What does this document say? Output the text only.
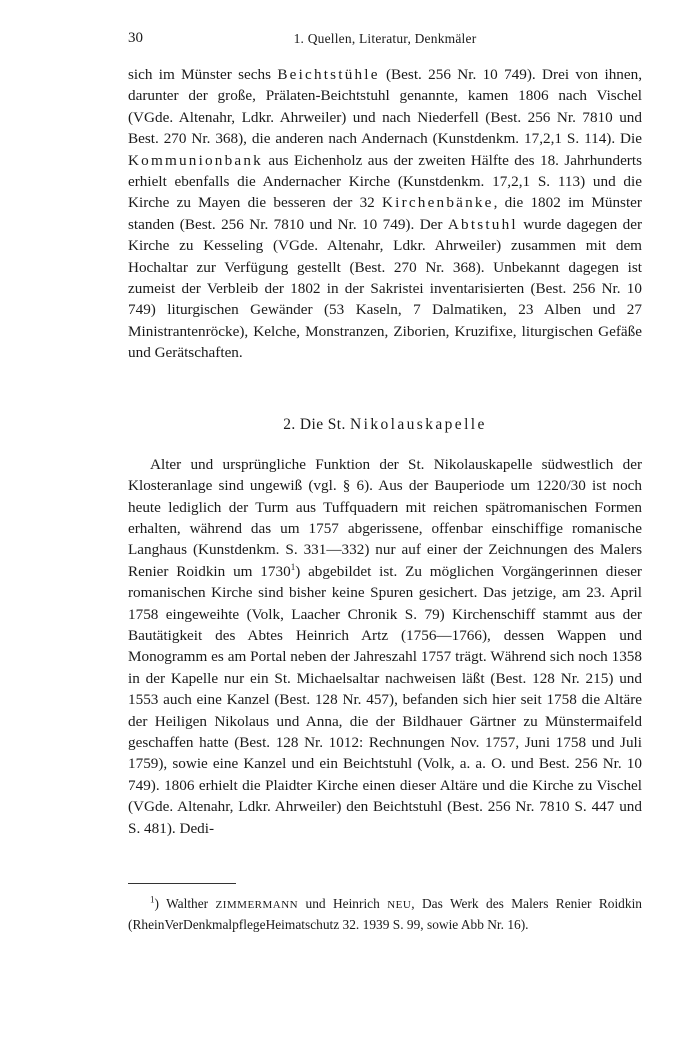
30	1. Quellen, Literatur, Denkmäler

sich im Münster sechs Beichtstühle (Best. 256 Nr. 10 749). Drei von ihnen, darunter der große, Prälaten-Beichtstuhl genannte, kamen 1806 nach Vischel (VGde. Altenahr, Ldkr. Ahrweiler) und nach Niederfell (Best. 256 Nr. 7810 und Best. 270 Nr. 368), die anderen nach Andernach (Kunstdenkm. 17,2,1 S. 114). Die Kommunionbank aus Eichenholz aus der zweiten Hälfte des 18. Jahrhunderts erhielt ebenfalls die Andernacher Kirche (Kunstdenkm. 17,2,1 S. 113) und die Kirche zu Mayen die besseren der 32 Kirchenbänke, die 1802 im Münster standen (Best. 256 Nr. 7810 und Nr. 10 749). Der Abtstuhl wurde dagegen der Kirche zu Kesseling (VGde. Altenahr, Ldkr. Ahrweiler) zusammen mit dem Hochaltar zur Verfügung gestellt (Best. 270 Nr. 368). Unbekannt dagegen ist zumeist der Verbleib der 1802 in der Sakristei inventarisierten (Best. 256 Nr. 10 749) liturgischen Gewänder (53 Kaseln, 7 Dalmatiken, 23 Alben und 27 Ministrantenröcke), Kelche, Monstranzen, Ziborien, Kruzifixe, liturgischen Gefäße und Gerätschaften.

2. Die St. Nikolauskapelle

Alter und ursprüngliche Funktion der St. Nikolauskapelle südwestlich der Klosteranlage sind ungewiß (vgl. § 6). Aus der Bauperiode um 1220/30 ist noch heute lediglich der Turm aus Tuffquadern mit reichen spätromanischen Formen erhalten, während das um 1757 abgerissene, offenbar einschiffige romanische Langhaus (Kunstdenkm. S. 331—332) nur auf einer der Zeichnungen des Malers Renier Roidkin um 1730$^1$) abgebildet ist. Zu möglichen Vorgängerinnen dieser romanischen Kirche sind bisher keine Spuren gesichert. Das jetzige, am 23. April 1758 eingeweihte (Volk, Laacher Chronik S. 79) Kirchenschiff stammt aus der Bautätigkeit des Abtes Heinrich Artz (1756—1766), dessen Wappen und Monogramm es am Portal neben der Jahreszahl 1757 trägt. Während sich noch 1358 in der Kapelle nur ein St. Michaelsaltar nachweisen läßt (Best. 128 Nr. 215) und 1553 auch eine Kanzel (Best. 128 Nr. 457), befanden sich hier seit 1758 die Altäre der Heiligen Nikolaus und Anna, die der Bildhauer Gärtner zu Münstermaifeld geschaffen hatte (Best. 128 Nr. 1012: Rechnungen Nov. 1757, Juni 1758 und Juli 1759), sowie eine Kanzel und ein Beichtstuhl (Volk, a. a. O. und Best. 256 Nr. 10 749). 1806 erhielt die Plaidter Kirche einen dieser Altäre und die Kirche zu Vischel (VGde. Altenahr, Ldkr. Ahrweiler) den Beichtstuhl (Best. 256 Nr. 7810 S. 447 und S. 481). Dedi-

$^1$) Walther ZIMMERMANN und Heinrich NEU, Das Werk des Malers Renier Roidkin (RheinVerDenkmalpflegeHeimatschutz 32. 1939 S. 99, sowie Abb Nr. 16).
